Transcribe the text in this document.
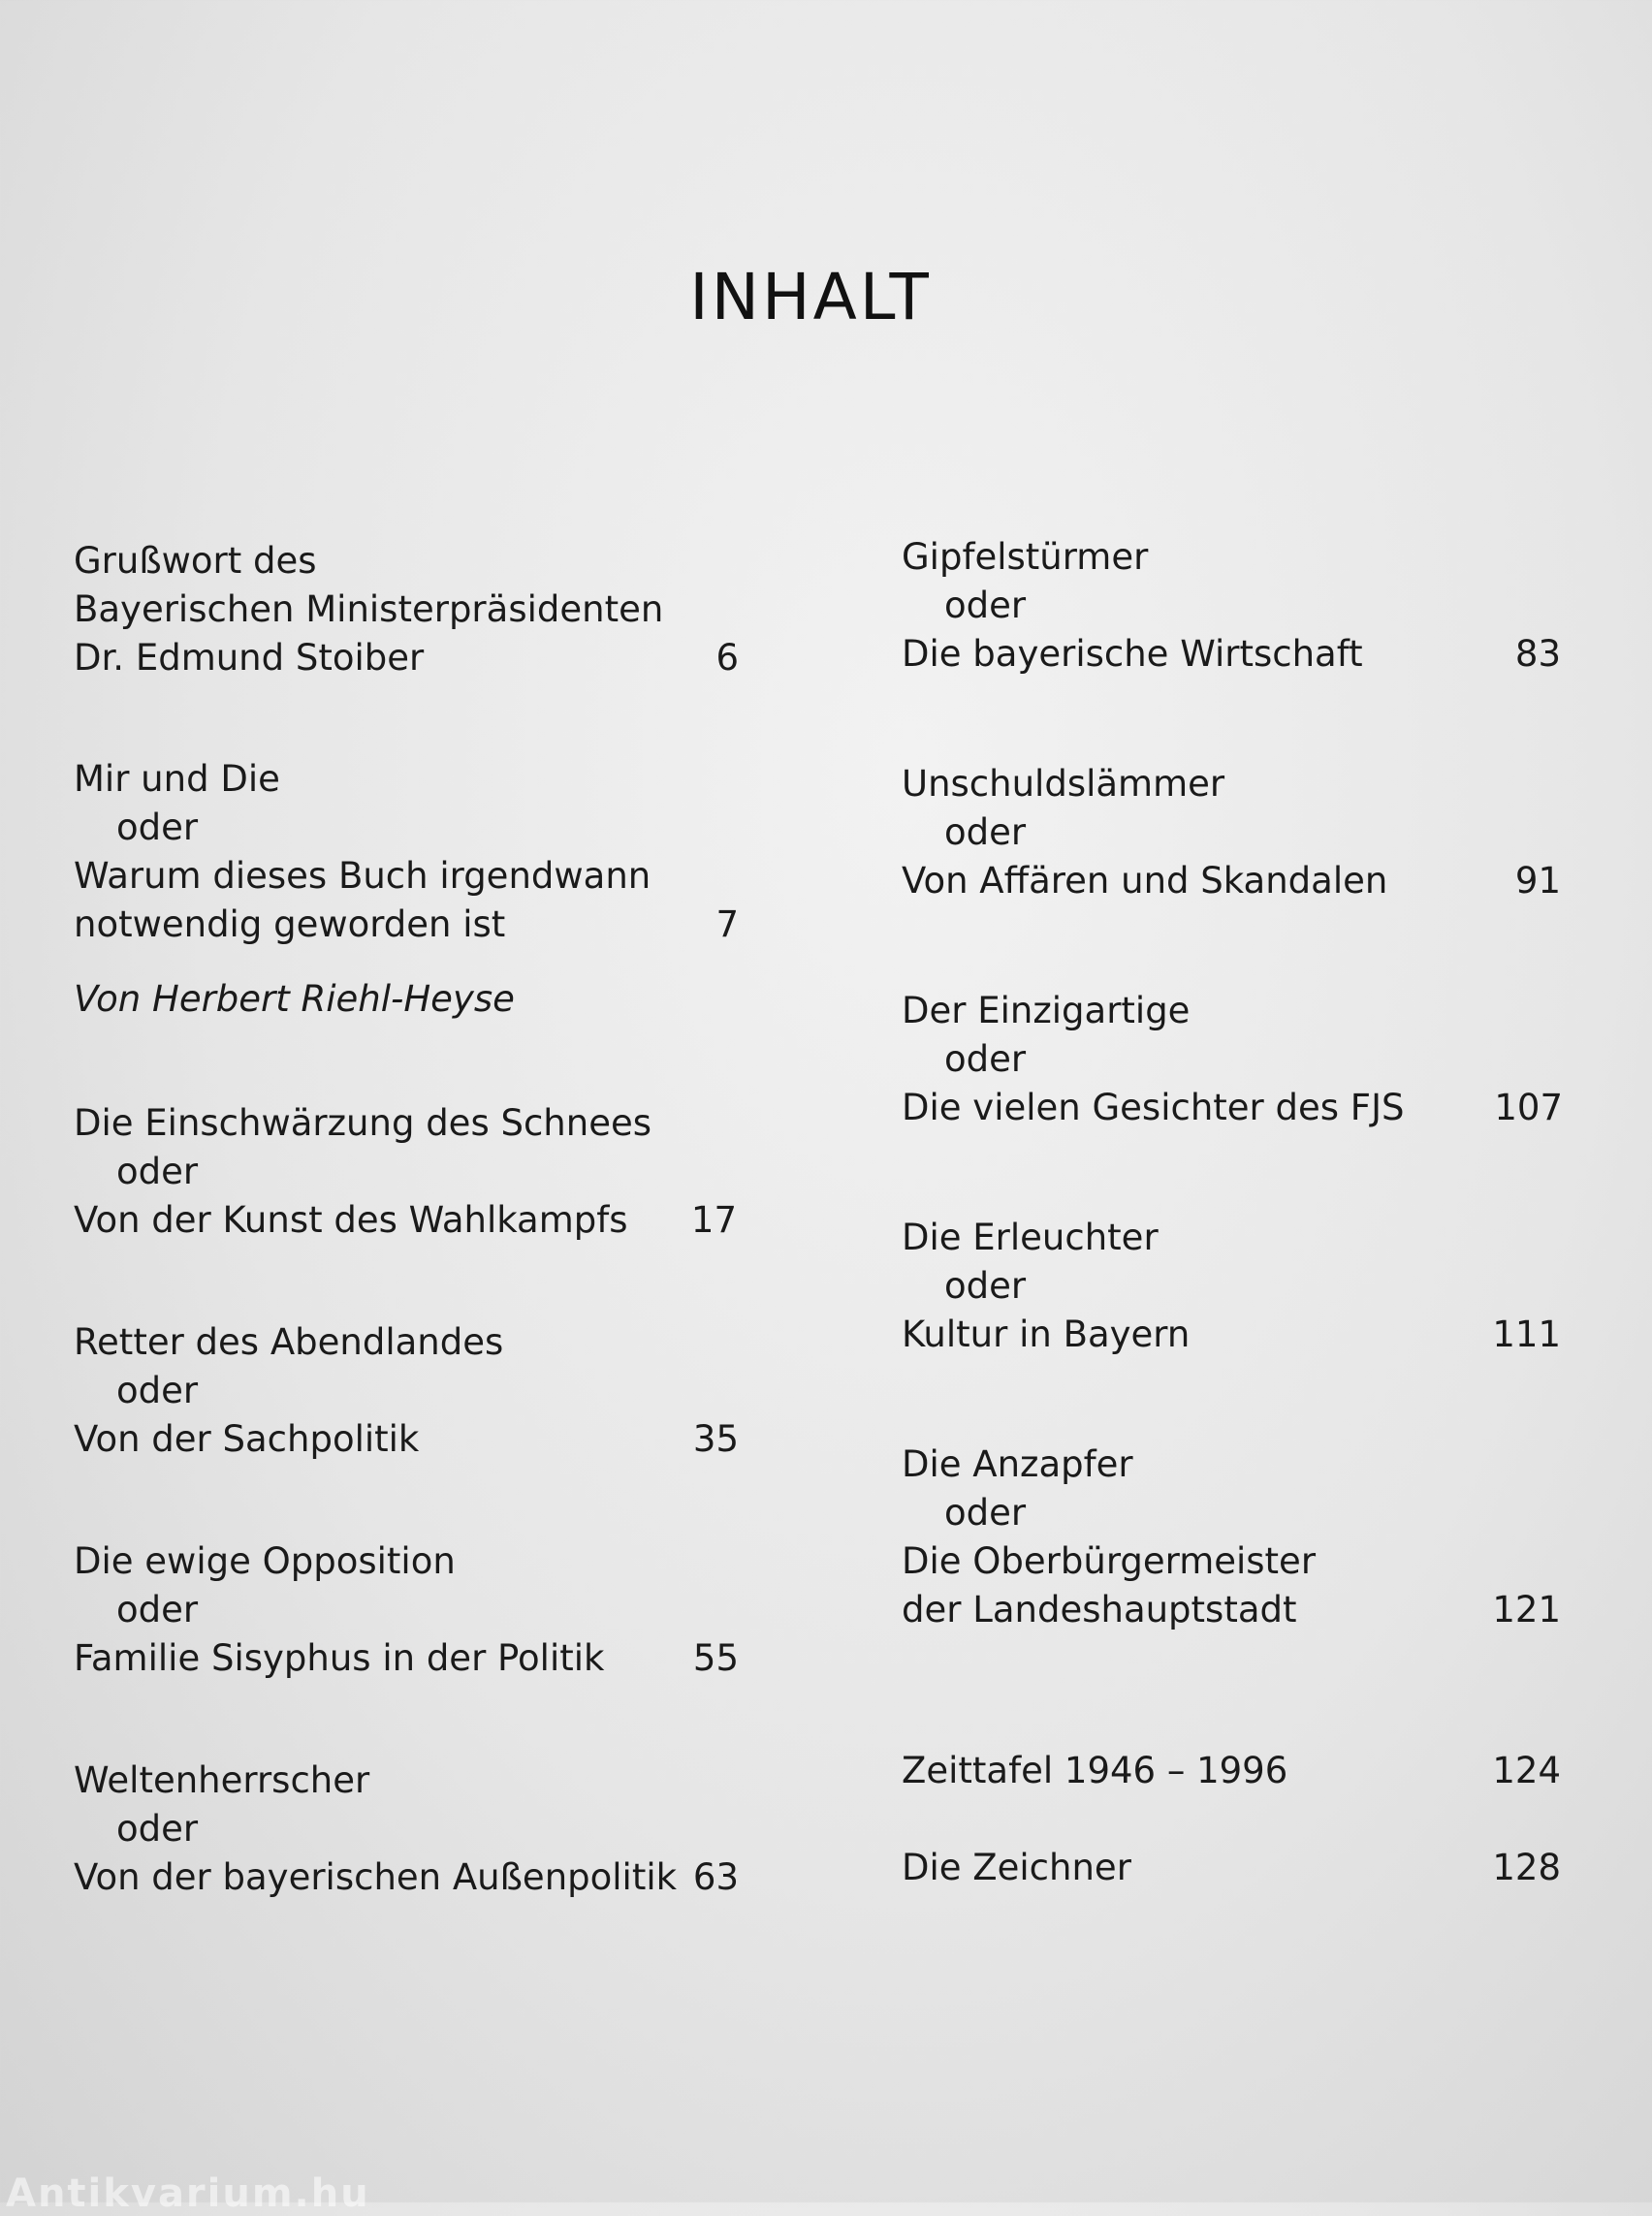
INHALT
Grußwort des
Bayerischen Ministerpräsidenten
Dr. Edmund Stoiber	6
Mir und Die
oder
Warum dieses Buch irgendwann
notwendig geworden ist	7
Von Herbert Riehl-Heyse
Die Einschwärzung des Schnees
oder
Von der Kunst des Wahlkampfs	17
Retter des Abendlandes
oder
Von der Sachpolitik	35
Die ewige Opposition
oder
Familie Sisyphus in der Politik	55
Weltenherrscher
oder
Von der bayerischen Außenpolitik 63
Gipfelstürmer
oder
Die bayerische Wirtschaft	83
Unschuldslämmer
oder
Von Affären und Skandalen	91
Der Einzigartige
oder
Die vielen Gesichter des FJS	107
Die Erleuchter
oder
Kultur in Bayern	111
Die Anzapfer
oder
Die Oberbürgermeister
der Landeshauptstadt	121
Zeittafel 1946 – 1996	124
Die Zeichner	128
Antikvarium.hu
